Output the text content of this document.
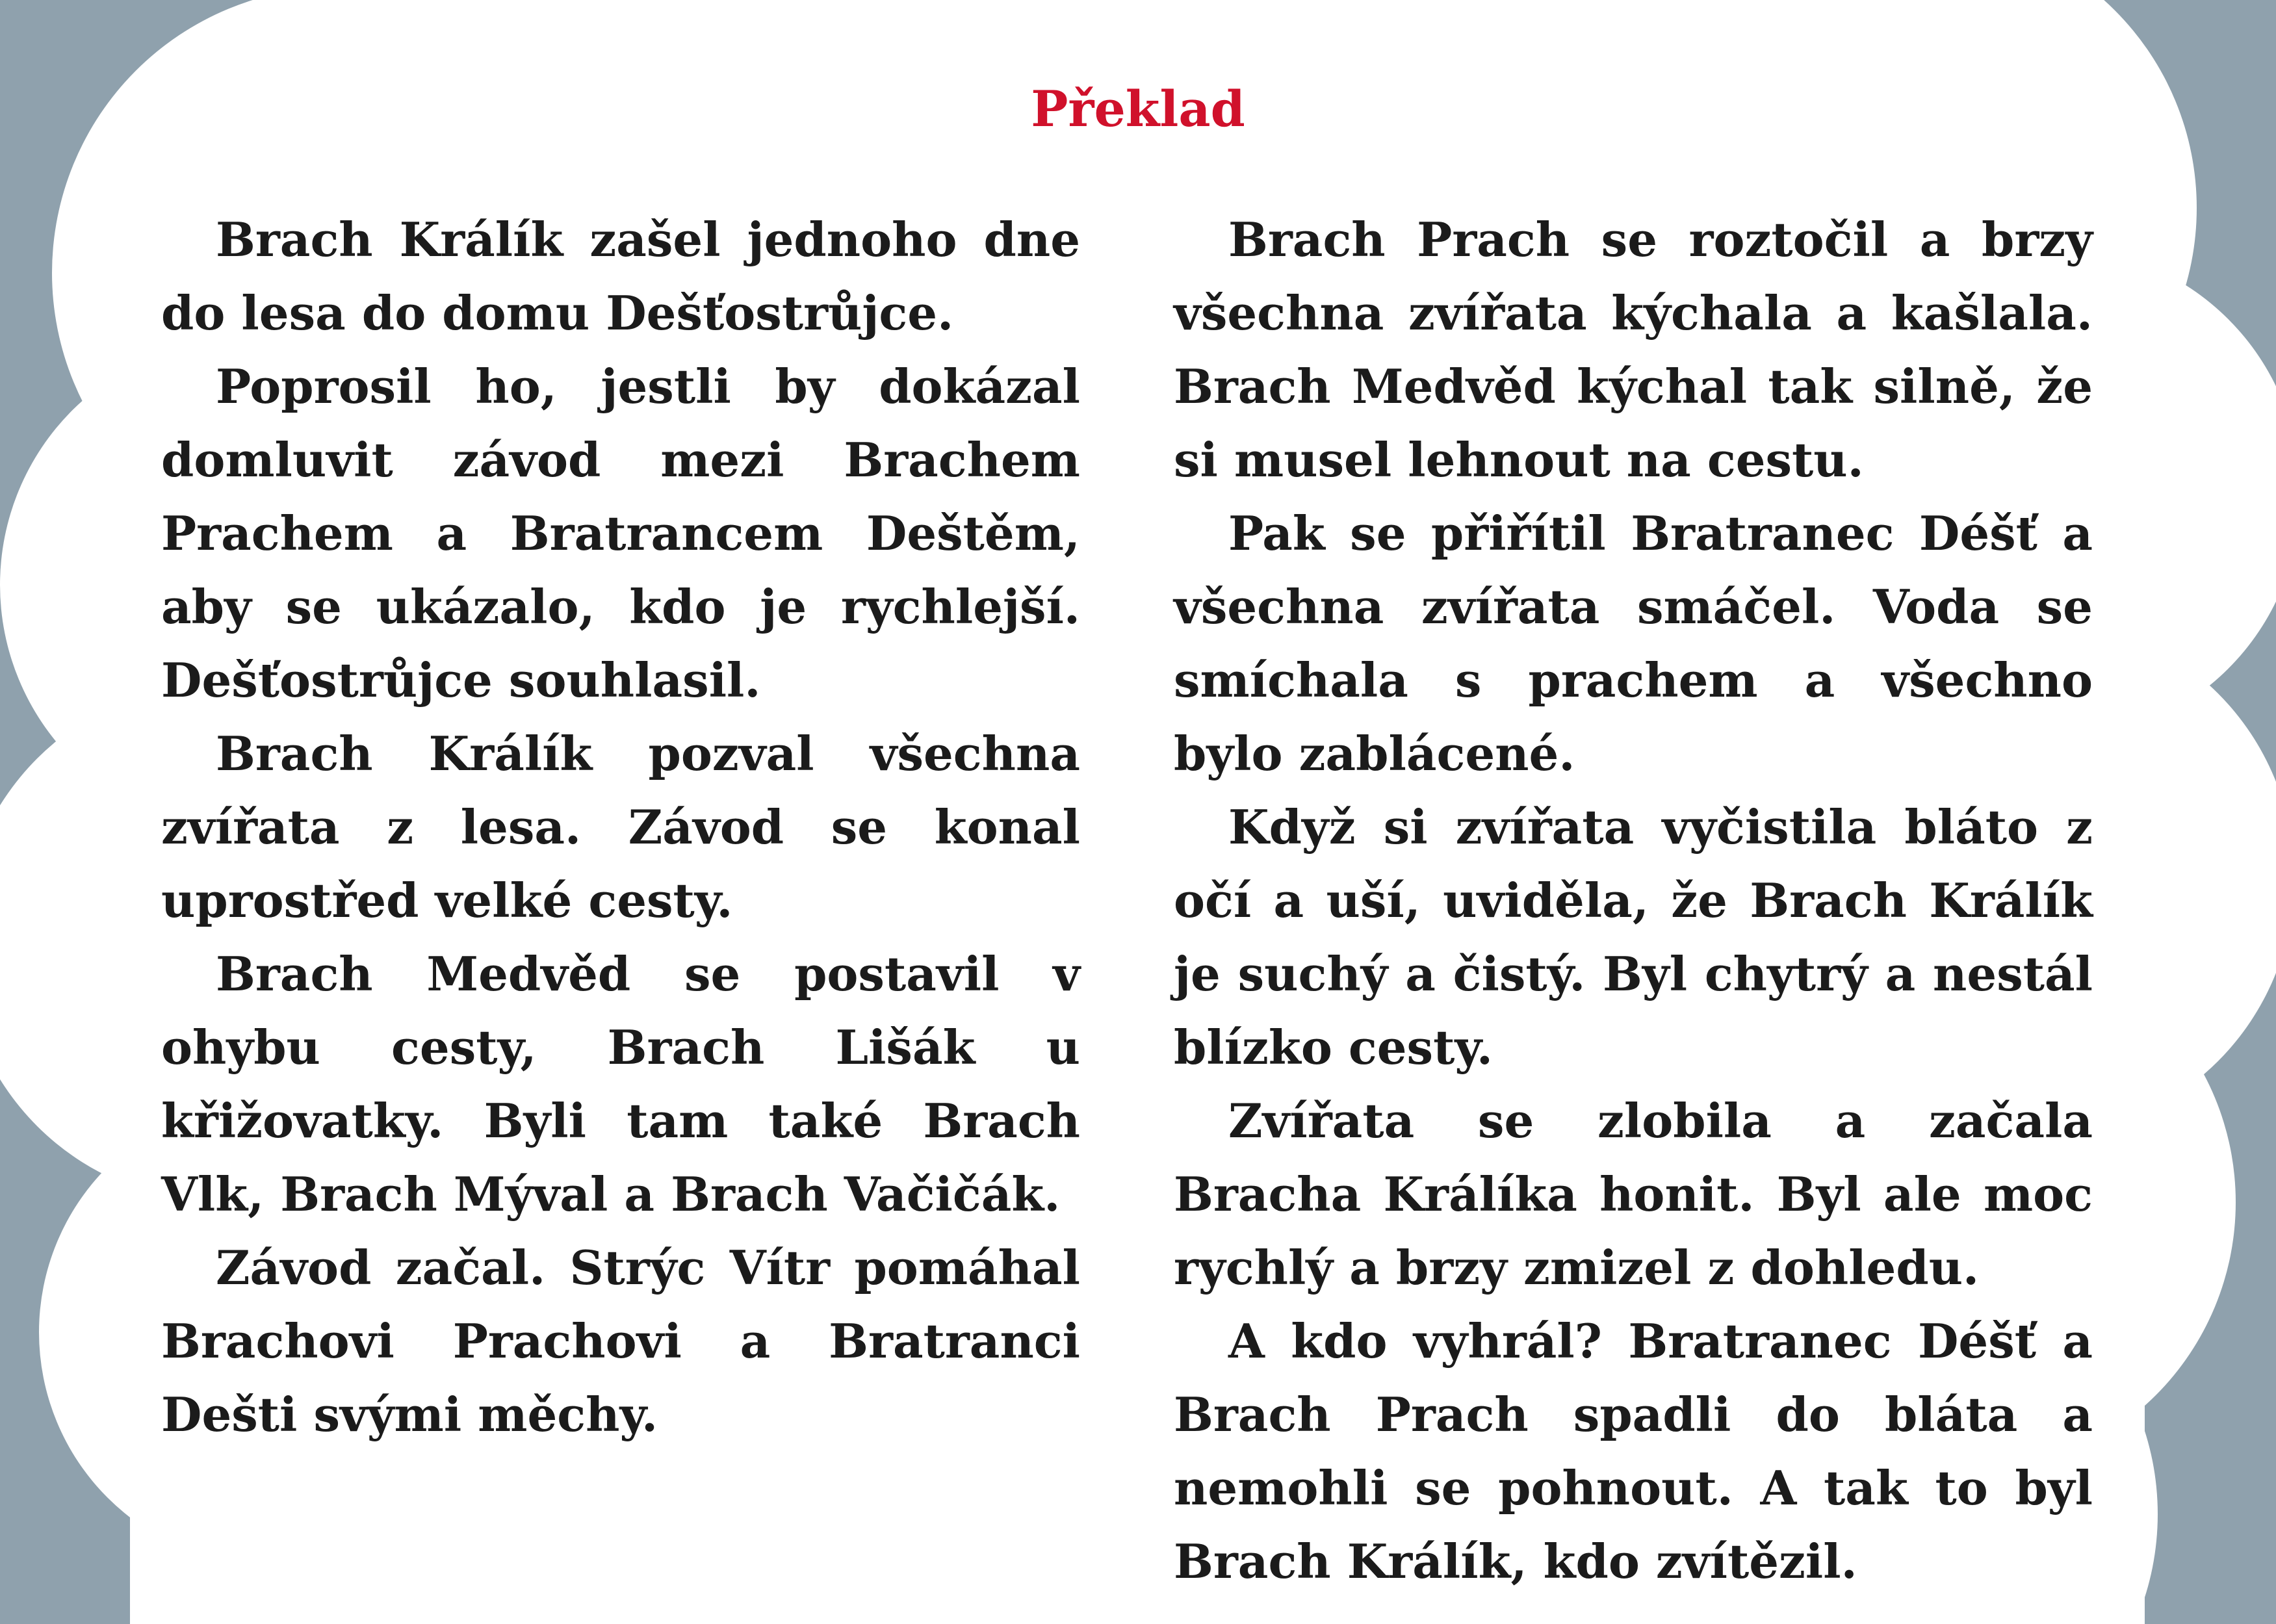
Překlad

Brach Králík zašel jednoho dne do lesa do domu Dešťostrůjce.

Poprosil ho, jestli by dokázal domluvit závod mezi Brachem Prachem a Bratrancem Deštěm, aby se ukázalo, kdo je rychlejší. Dešťostrůjce souhlasil.

Brach Králík pozval všechna zvířata z lesa. Závod se konal uprostřed velké cesty.

Brach Medvěd se postavil v ohybu cesty, Brach Lišák u křižovatky. Byli tam také Brach Vlk, Brach Mýval a Brach Vačičák.

Závod začal. Strýc Vítr pomáhal Brachovi Prachovi a Bratranci Dešti svými měchy.

Brach Prach se roztočil a brzy všechna zvířata kýchala a kašlala. Brach Medvěd kýchal tak silně, že si musel lehnout na cestu.

Pak se přiřítil Bratranec Déšť a všechna zvířata smáčel. Voda se smíchala s prachem a všechno bylo zablácené.

Když si zvířata vyčistila bláto z očí a uší, uviděla, že Brach Králík je suchý a čistý. Byl chytrý a nestál blízko cesty.

Zvířata se zlobila a začala Bracha Králíka honit. Byl ale moc rychlý a brzy zmizel z dohledu.

A kdo vyhrál? Bratranec Déšť a Brach Prach spadli do bláta a nemohli se pohnout. A tak to byl Brach Králík, kdo zvítězil.
